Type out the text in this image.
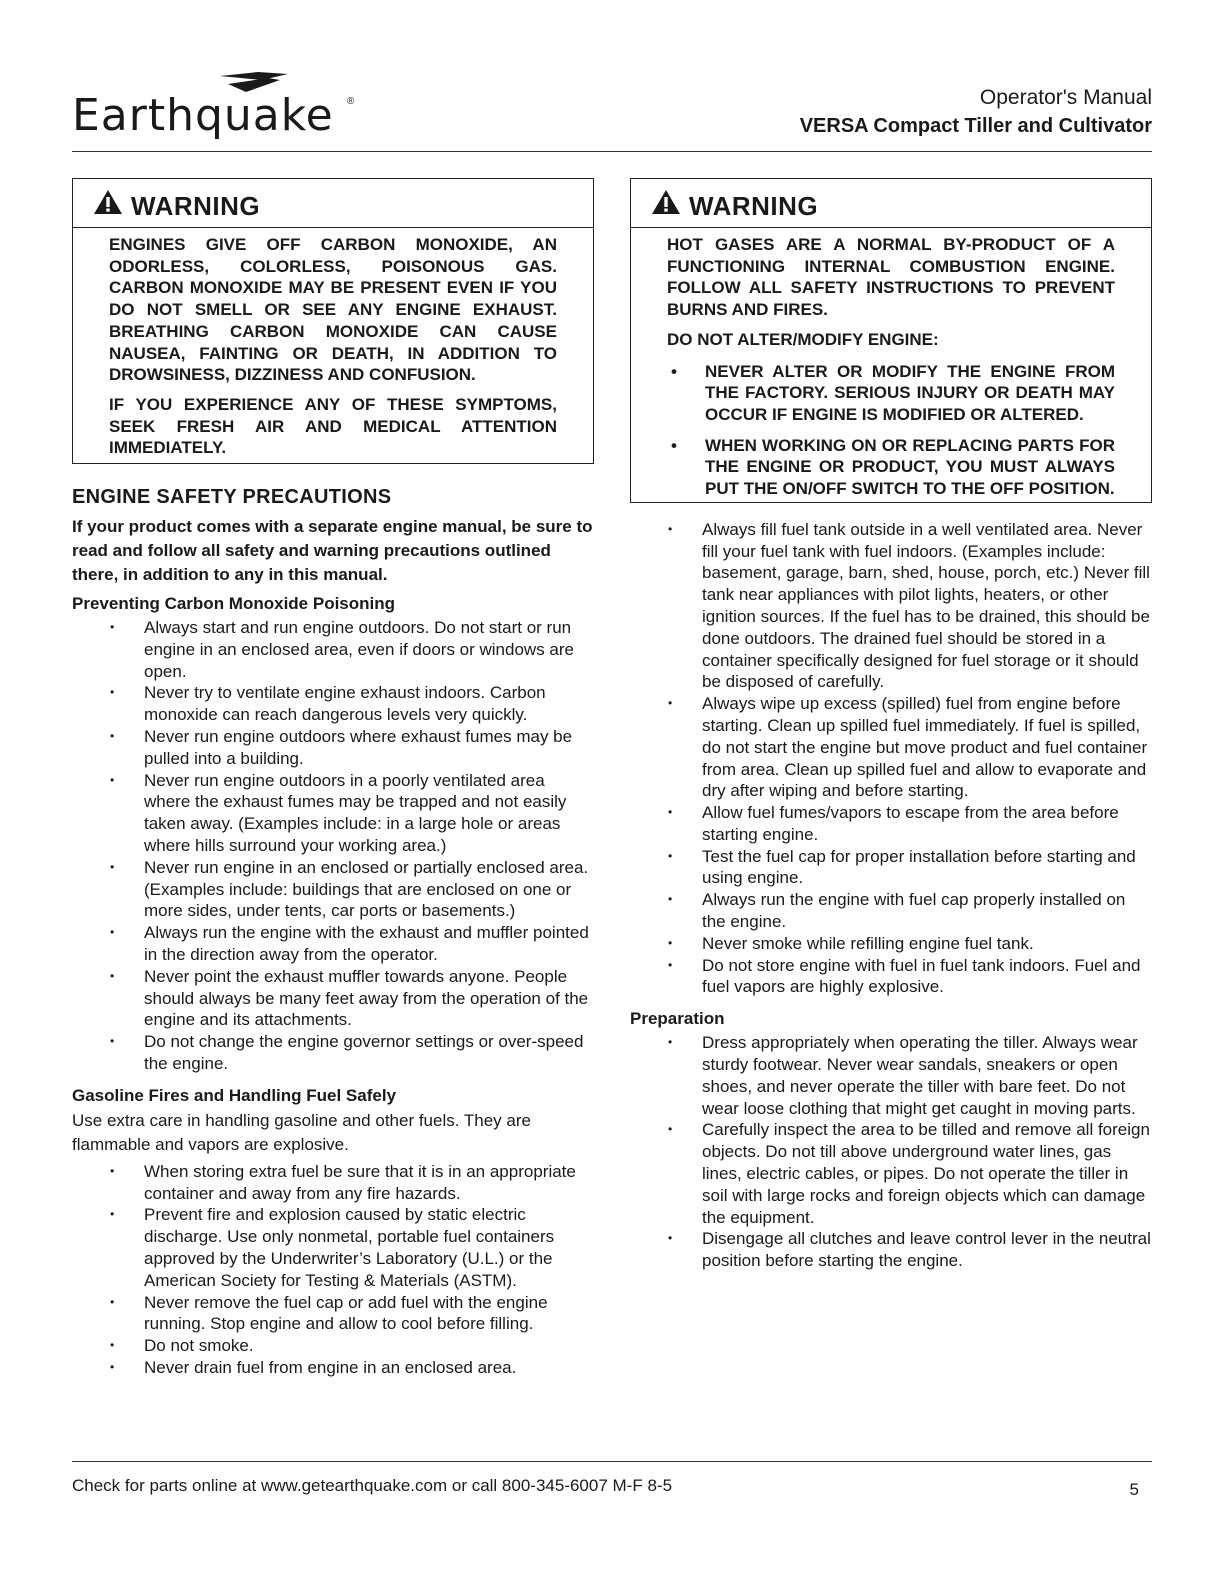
Earthquake ®	Operator's Manual
VERSA Compact Tiller and Cultivator
WARNING

ENGINES GIVE OFF CARBON MONOXIDE, AN ODORLESS, COLORLESS, POISONOUS GAS. CARBON MONOXIDE MAY BE PRESENT EVEN IF YOU DO NOT SMELL OR SEE ANY ENGINE EXHAUST. BREATHING CARBON MONOXIDE CAN CAUSE NAUSEA, FAINTING OR DEATH, IN ADDITION TO DROWSINESS, DIZZINESS AND CONFUSION.

IF YOU EXPERIENCE ANY OF THESE SYMPTOMS, SEEK FRESH AIR AND MEDICAL ATTENTION IMMEDIATELY.

ENGINE SAFETY PRECAUTIONS

If your product comes with a separate engine manual, be sure to read and follow all safety and warning precautions outlined there, in addition to any in this manual.

Preventing Carbon Monoxide Poisoning
• Always start and run engine outdoors. Do not start or run engine in an enclosed area, even if doors or windows are open.
• Never try to ventilate engine exhaust indoors. Carbon monoxide can reach dangerous levels very quickly.
• Never run engine outdoors where exhaust fumes may be pulled into a building.
• Never run engine outdoors in a poorly ventilated area where the exhaust fumes may be trapped and not easily taken away. (Examples include: in a large hole or areas where hills surround your working area.)
• Never run engine in an enclosed or partially enclosed area. (Examples include: buildings that are enclosed on one or more sides, under tents, car ports or basements.)
• Always run the engine with the exhaust and muffler pointed in the direction away from the operator.
• Never point the exhaust muffler towards anyone. People should always be many feet away from the operation of the engine and its attachments.
• Do not change the engine governor settings or over-speed the engine.
Gasoline Fires and Handling Fuel Safely

Use extra care in handling gasoline and other fuels. They are flammable and vapors are explosive.

• When storing extra fuel be sure that it is in an appropriate container and away from any fire hazards.
• Prevent fire and explosion caused by static electric discharge. Use only nonmetal, portable fuel containers approved by the Underwriter’s Laboratory (U.L.) or the American Society for Testing & Materials (ASTM).
• Never remove the fuel cap or add fuel with the engine running. Stop engine and allow to cool before filling.
• Do not smoke.
• Never drain fuel from engine in an enclosed area.
WARNING

HOT GASES ARE A NORMAL BY-PRODUCT OF A FUNCTIONING INTERNAL COMBUSTION ENGINE. FOLLOW ALL SAFETY INSTRUCTIONS TO PREVENT BURNS AND FIRES.

DO NOT ALTER/MODIFY ENGINE:

• NEVER ALTER OR MODIFY THE ENGINE FROM THE FACTORY. SERIOUS INJURY OR DEATH MAY OCCUR IF ENGINE IS MODIFIED OR ALTERED.
• WHEN WORKING ON OR REPLACING PARTS FOR THE ENGINE OR PRODUCT, YOU MUST ALWAYS PUT THE ON/OFF SWITCH TO THE OFF POSITION.
• Always fill fuel tank outside in a well ventilated area. Never fill your fuel tank with fuel indoors. (Examples include: basement, garage, barn, shed, house, porch, etc.) Never fill tank near appliances with pilot lights, heaters, or other ignition sources. If the fuel has to be drained, this should be done outdoors. The drained fuel should be stored in a container specifically designed for fuel storage or it should be disposed of carefully.
• Always wipe up excess (spilled) fuel from engine before starting. Clean up spilled fuel immediately. If fuel is spilled, do not start the engine but move product and fuel container from area. Clean up spilled fuel and allow to evaporate and dry after wiping and before starting.
• Allow fuel fumes/vapors to escape from the area before starting engine.
• Test the fuel cap for proper installation before starting and using engine.
• Always run the engine with fuel cap properly installed on the engine.
• Never smoke while refilling engine fuel tank.
• Do not store engine with fuel in fuel tank indoors. Fuel and fuel vapors are highly explosive.
Preparation
• Dress appropriately when operating the tiller. Always wear sturdy footwear. Never wear sandals, sneakers or open shoes, and never operate the tiller with bare feet. Do not wear loose clothing that might get caught in moving parts.
• Carefully inspect the area to be tilled and remove all foreign objects. Do not till above underground water lines, gas lines, electric cables, or pipes. Do not operate the tiller in soil with large rocks and foreign objects which can damage the equipment.
• Disengage all clutches and leave control lever in the neutral position before starting the engine.
Check for parts online at www.getearthquake.com or call 800-345-6007 M-F 8-5	5
